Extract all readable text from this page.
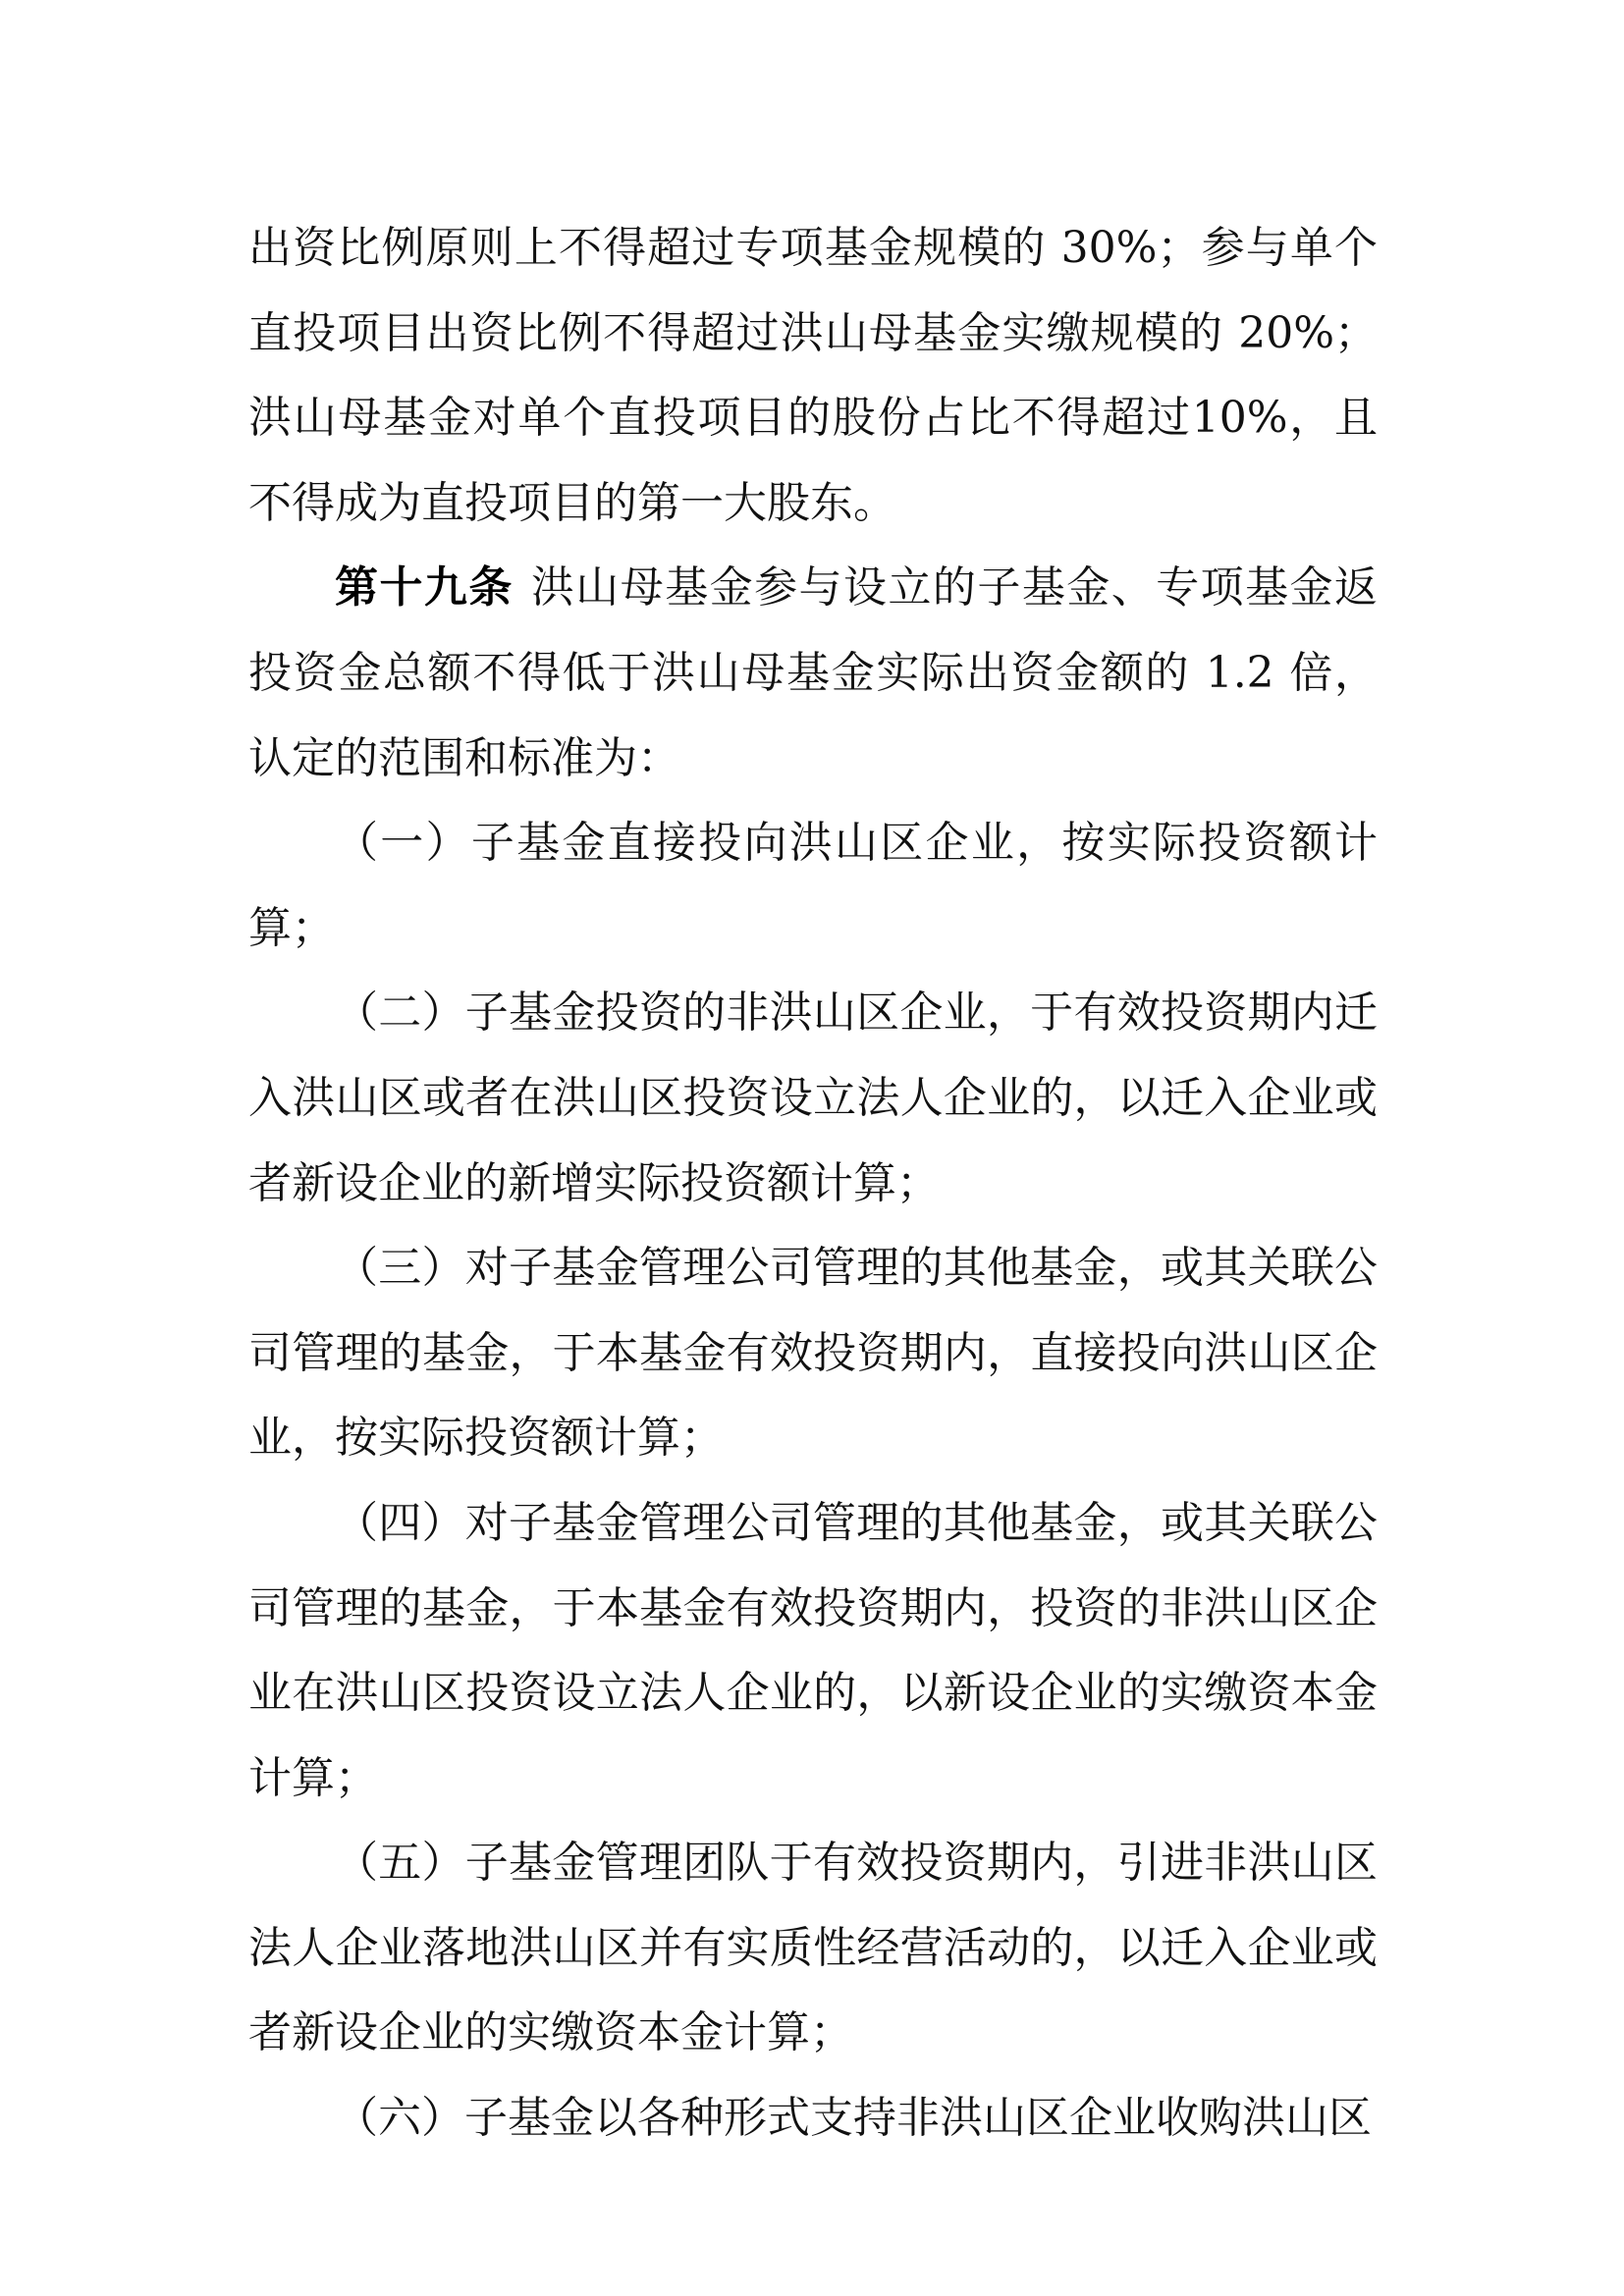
出资比例原则上不得超过专项基金规模的 30%；参与单个直投项目出资比例不得超过洪山母基金实缴规模的 20%；洪山母基金对单个直投项目的股份占比不得超过10%，且不得成为直投项目的第一大股东。

第十九条 洪山母基金参与设立的子基金、专项基金返投资金总额不得低于洪山母基金实际出资金额的 1.2 倍，认定的范围和标准为：

（一）子基金直接投向洪山区企业，按实际投资额计算；

（二）子基金投资的非洪山区企业，于有效投资期内迁入洪山区或者在洪山区投资设立法人企业的，以迁入企业或者新设企业的新增实际投资额计算；

（三）对子基金管理公司管理的其他基金，或其关联公司管理的基金，于本基金有效投资期内，直接投向洪山区企业，按实际投资额计算；

（四）对子基金管理公司管理的其他基金，或其关联公司管理的基金，于本基金有效投资期内，投资的非洪山区企业在洪山区投资设立法人企业的，以新设企业的实缴资本金计算；

（五）子基金管理团队于有效投资期内，引进非洪山区法人企业落地洪山区并有实质性经营活动的，以迁入企业或者新设企业的实缴资本金计算；

（六）子基金以各种形式支持非洪山区企业收购洪山区
